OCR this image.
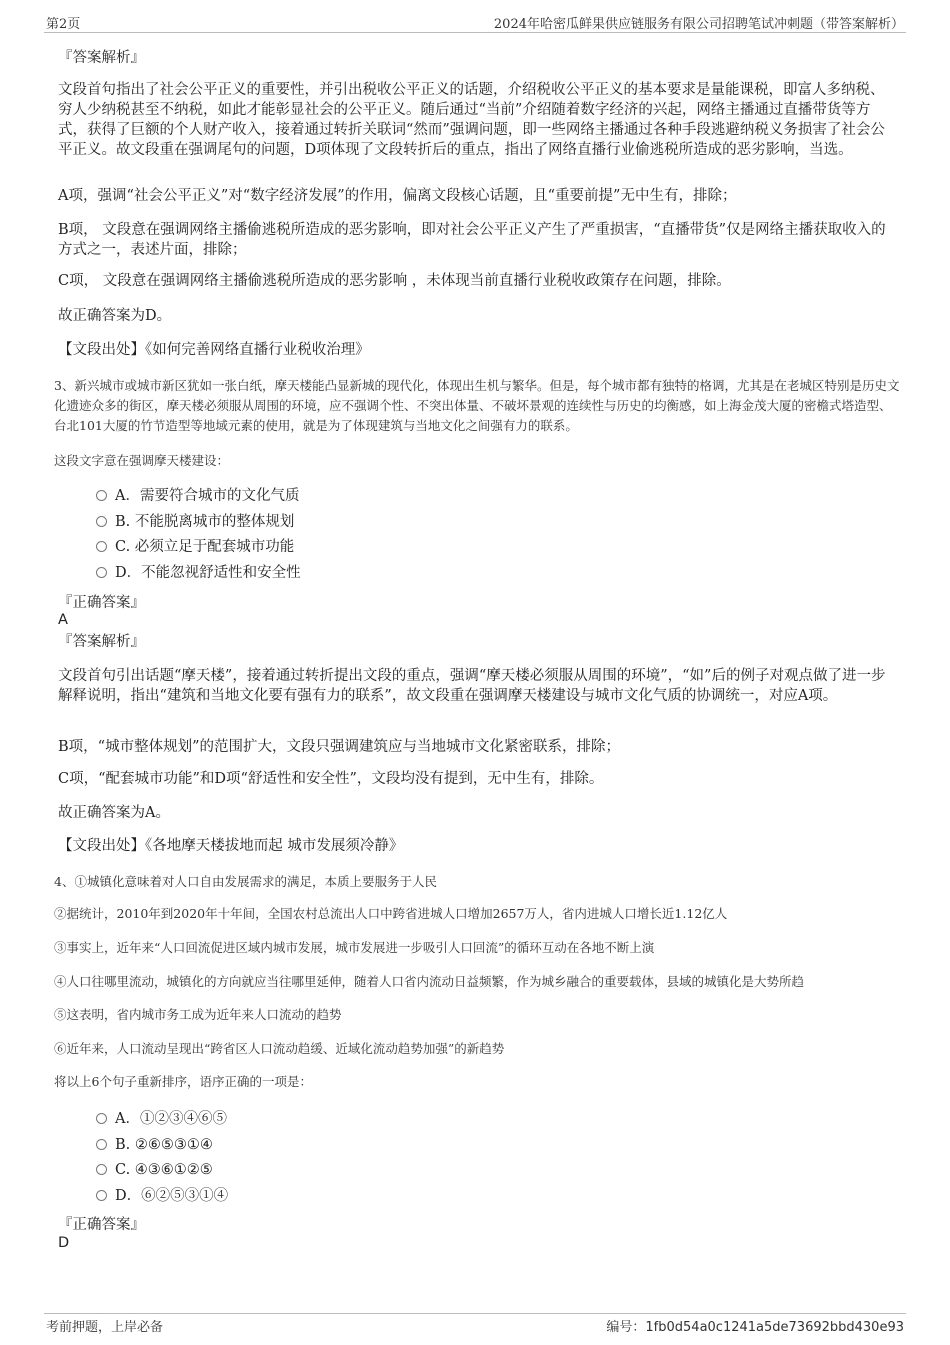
第2页	2024年哈密瓜鲜果供应链服务有限公司招聘笔试冲刺题（带答案解析）
『答案解析』
文段首句指出了社会公平正义的重要性，并引出税收公平正义的话题，介绍税收公平正义的基本要求是量能课税，即富人多纳税、穷人少纳税甚至不纳税，如此才能彰显社会的公平正义。随后通过“当前”介绍随着数字经济的兴起，网络主播通过直播带货等方式，获得了巨额的个人财产收入，接着通过转折关联词“然而”强调问题，即一些网络主播通过各种手段逃避纳税义务损害了社会公平正义。故文段重在强调尾句的问题，D项体现了文段转折后的重点，指出了网络直播行业偷逃税所造成的恶劣影响，当选。
A项，强调“社会公平正义”对“数字经济发展”的作用，偏离文段核心话题，且“重要前提”无中生有，排除；
B项， 文段意在强调网络主播偷逃税所造成的恶劣影响，即对社会公平正义产生了严重损害，“直播带货”仅是网络主播获取收入的方式之一，表述片面，排除；
C项， 文段意在强调网络主播偷逃税所造成的恶劣影响 ，未体现当前直播行业税收政策存在问题，排除。
故正确答案为D。
【文段出处】《如何完善网络直播行业税收治理》
3、新兴城市或城市新区犹如一张白纸，摩天楼能凸显新城的现代化，体现出生机与繁华。但是，每个城市都有独特的格调，尤其是在老城区特别是历史文化遗迹众多的街区，摩天楼必须服从周围的环境，应不强调个性、不突出体量、不破坏景观的连续性与历史的均衡感，如上海金茂大厦的密檐式塔造型、台北101大厦的竹节造型等地域元素的使用，就是为了体现建筑与当地文化之间强有力的联系。
这段文字意在强调摩天楼建设：
A．需要符合城市的文化气质
B. 不能脱离城市的整体规划
C. 必须立足于配套城市功能
D．不能忽视舒适性和安全性
『正确答案』
A
『答案解析』
文段首句引出话题“摩天楼”，接着通过转折提出文段的重点，强调“摩天楼必须服从周围的环境”，“如”后的例子对观点做了进一步解释说明，指出“建筑和当地文化要有强有力的联系”，故文段重在强调摩天楼建设与城市文化气质的协调统一，对应A项。
B项，“城市整体规划”的范围扩大，文段只强调建筑应与当地城市文化紧密联系，排除；
C项，“配套城市功能”和D项“舒适性和安全性”，文段均没有提到，无中生有，排除。
故正确答案为A。
【文段出处】《各地摩天楼拔地而起 城市发展须冷静》
4、①城镇化意味着对人口自由发展需求的满足，本质上要服务于人民
②据统计，2010年到2020年十年间，全国农村总流出人口中跨省进城人口增加2657万人，省内进城人口增长近1.12亿人
③事实上，近年来“人口回流促进区域内城市发展，城市发展进一步吸引人口回流”的循环互动在各地不断上演
④人口往哪里流动，城镇化的方向就应当往哪里延伸，随着人口省内流动日益频繁，作为城乡融合的重要载体，县域的城镇化是大势所趋
⑤这表明，省内城市务工成为近年来人口流动的趋势
⑥近年来，人口流动呈现出“跨省区人口流动趋缓、近域化流动趋势加强”的新趋势
将以上6个句子重新排序，语序正确的一项是：
A．①②③④⑥⑤
B. ②⑥⑤③①④
C. ④③⑥①②⑤
D．⑥②⑤③①④
『正确答案』
D
考前押题，上岸必备	编号：1fb0d54a0c1241a5de73692bbd430e93
